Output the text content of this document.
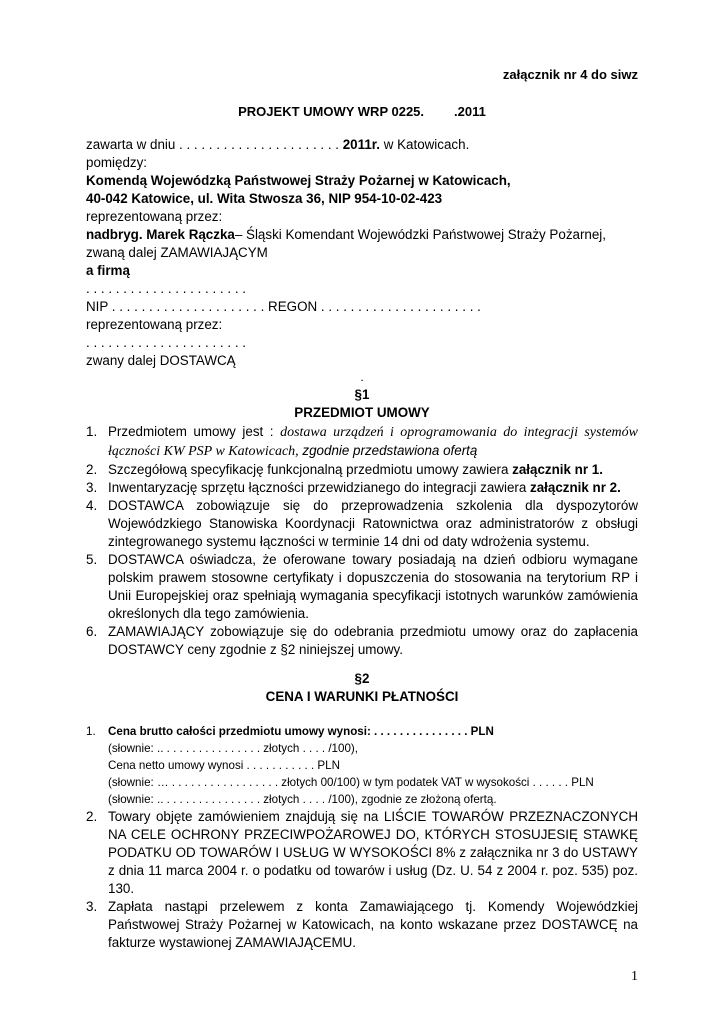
załącznik nr 4 do siwz
PROJEKT UMOWY WRP 0225. .2011
zawarta w dniu . . . . . . . . . . . . . . . . . . . . . . 2011r. w Katowicach.
pomiędzy:
Komendą Wojewódzką Państwowej Straży Pożarnej w Katowicach,
40-042 Katowice, ul. Wita Stwosza 36, NIP 954-10-02-423
reprezentowaną przez:
nadbryg. Marek Rączka– Śląski Komendant Wojewódzki Państwowej Straży Pożarnej,
zwaną dalej ZAMAWIAJĄCYM
a firmą
. . . . . . . . . . . . . . . . . . . . . .
NIP . . . . . . . . . . . . . . . . . . . . . REGON . . . . . . . . . . . . . . . . . . . . . .
reprezentowaną przez:
. . . . . . . . . . . . . . . . . . . . . .
zwany dalej DOSTAWCĄ
.
§1
PRZEDMIOT UMOWY
1. Przedmiotem umowy jest : dostawa urządzeń i oprogramowania do integracji systemów łączności KW PSP w Katowicach, zgodnie przedstawiona ofertą
2. Szczegółową specyfikację funkcjonalną przedmiotu umowy zawiera załącznik nr 1.
3. Inwentaryzację sprzętu łączności przewidzianego do integracji zawiera załącznik nr 2.
4. DOSTAWCA zobowiązuje się do przeprowadzenia szkolenia dla dyspozytorów Wojewódzkiego Stanowiska Koordynacji Ratownictwa oraz administratorów z obsługi zintegrowanego systemu łączności w terminie 14 dni od daty wdrożenia systemu.
5. DOSTAWCA oświadcza, że oferowane towary posiadają na dzień odbioru wymagane polskim prawem stosowne certyfikaty i dopuszczenia do stosowania na terytorium RP i Unii Europejskiej oraz spełniają wymagania specyfikacji istotnych warunków zamówienia określonych dla tego zamówienia.
6. ZAMAWIAJĄCY zobowiązuje się do odebrania przedmiotu umowy oraz do zapłacenia DOSTAWCY ceny zgodnie z §2 niniejszej umowy.
§2
CENA I WARUNKI PŁATNOŚCI
1. Cena brutto całości przedmiotu umowy wynosi: . . . . . . . . . . . . . . . PLN
(słownie: .. . . . . . . . . . . . . . . . złotych . . . . /100),
Cena netto umowy wynosi . . . . . . . . . . . PLN
(słownie: … . . . . . . . . . . . . . . . . . złotych 00/100) w tym podatek VAT w wysokości . . . . . . PLN
(słownie: .. . . . . . . . . . . . . . . . złotych . . . . /100), zgodnie ze złożoną ofertą.
2. Towary objęte zamówieniem znajdują się na LIŚCIE TOWARÓW PRZEZNACZONYCH NA CELE OCHRONY PRZECIWPOŻAROWEJ DO, KTÓRYCH STOSUJESIĘ STAWKĘ PODATKU OD TOWARÓW I USŁUG W WYSOKOŚCI 8% z załącznika nr 3 do USTAWY z dnia 11 marca 2004 r. o podatku od towarów i usług (Dz. U. 54 z 2004 r. poz. 535) poz. 130.
3. Zapłata nastąpi przelewem z konta Zamawiającego tj. Komendy Wojewódzkiej Państwowej Straży Pożarnej w Katowicach, na konto wskazane przez DOSTAWCĘ na fakturze wystawionej ZAMAWIAJĄCEMU.
1
